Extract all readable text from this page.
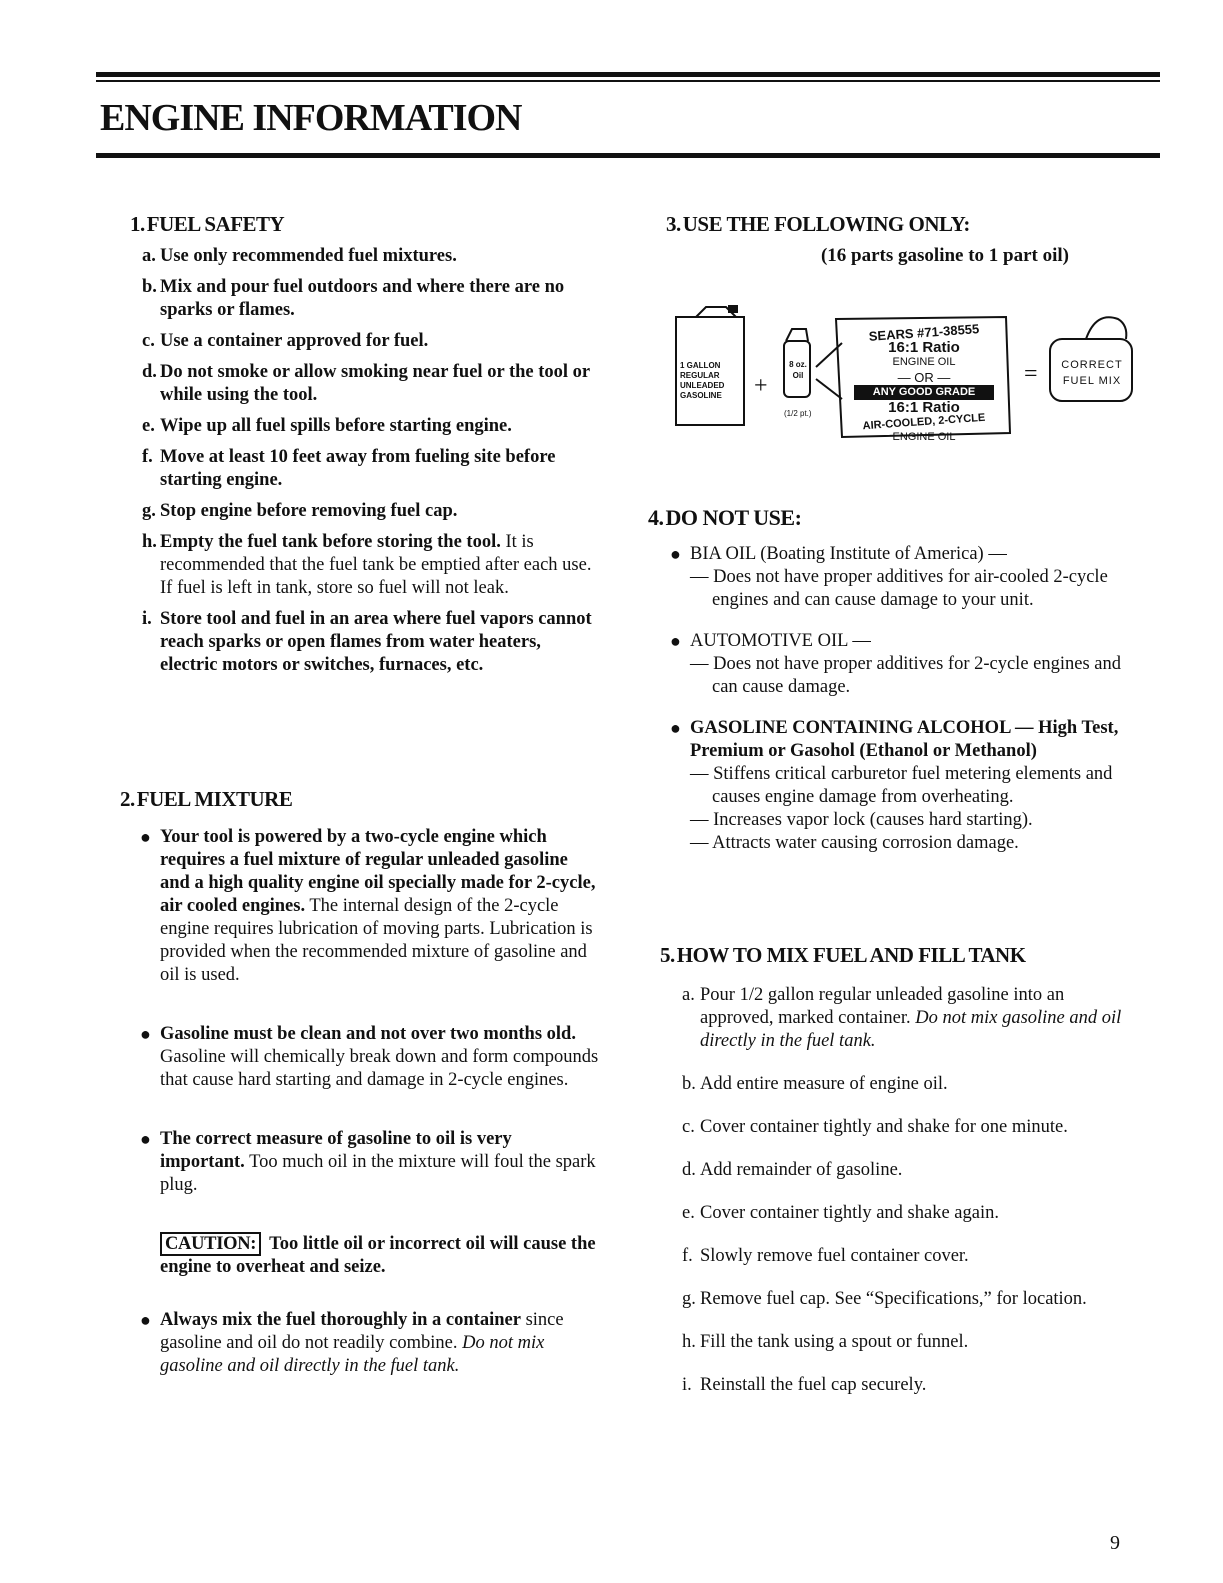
ENGINE INFORMATION
1.FUEL SAFETY
a. Use only recommended fuel mixtures.
b. Mix and pour fuel outdoors and where there are no sparks or flames.
c. Use a container approved for fuel.
d. Do not smoke or allow smoking near fuel or the tool or while using the tool.
e. Wipe up all fuel spills before starting engine.
f. Move at least 10 feet away from fueling site before starting engine.
g. Stop engine before removing fuel cap.
h. Empty the fuel tank before storing the tool. It is recommended that the fuel tank be emptied after each use. If fuel is left in tank, store so fuel will not leak.
i. Store tool and fuel in an area where fuel vapors cannot reach sparks or open flames from water heaters, electric motors or switches, furnaces, etc.
2.FUEL MIXTURE
● Your tool is powered by a two-cycle engine which requires a fuel mixture of regular unleaded gasoline and a high quality engine oil specially made for 2-cycle, air cooled engines. The internal design of the 2-cycle engine requires lubrication of moving parts. Lubrication is provided when the recommended mixture of gasoline and oil is used.
● Gasoline must be clean and not over two months old. Gasoline will chemically break down and form compounds that cause hard starting and damage in 2-cycle engines.
● The correct measure of gasoline to oil is very important. Too much oil in the mixture will foul the spark plug.
CAUTION: Too little oil or incorrect oil will cause the engine to overheat and seize.
● Always mix the fuel thoroughly in a container since gasoline and oil do not readily combine. Do not mix gasoline and oil directly in the fuel tank.
3.USE THE FOLLOWING ONLY:
(16 parts gasoline to 1 part oil)
1 GALLON
REGULAR
UNLEADED
GASOLINE	+
8 oz.
Oil
(1/2 pt.)
SEARS #71-38555
16:1 Ratio
ENGINE OIL
— OR —
ANY GOOD GRADE
16:1 Ratio
AIR-COOLED, 2-CYCLE
ENGINE OIL
=	CORRECT
FUEL MIX
4.DO NOT USE:
● BIA OIL (Boating Institute of America) —
— Does not have proper additives for air-cooled 2-cycle engines and can cause damage to your unit.
● AUTOMOTIVE OIL —
— Does not have proper additives for 2-cycle engines and can cause damage.
● GASOLINE CONTAINING ALCOHOL — High Test, Premium or Gasohol (Ethanol or Methanol)
— Stiffens critical carburetor fuel metering elements and causes engine damage from overheating.
— Increases vapor lock (causes hard starting).
— Attracts water causing corrosion damage.
5.HOW TO MIX FUEL AND FILL TANK
a. Pour 1/2 gallon regular unleaded gasoline into an approved, marked container. Do not mix gasoline and oil directly in the fuel tank.
b. Add entire measure of engine oil.
c. Cover container tightly and shake for one minute.
d. Add remainder of gasoline.
e. Cover container tightly and shake again.
f. Slowly remove fuel container cover.
g. Remove fuel cap. See “Specifications,” for location.
h. Fill the tank using a spout or funnel.
i. Reinstall the fuel cap securely.
9
